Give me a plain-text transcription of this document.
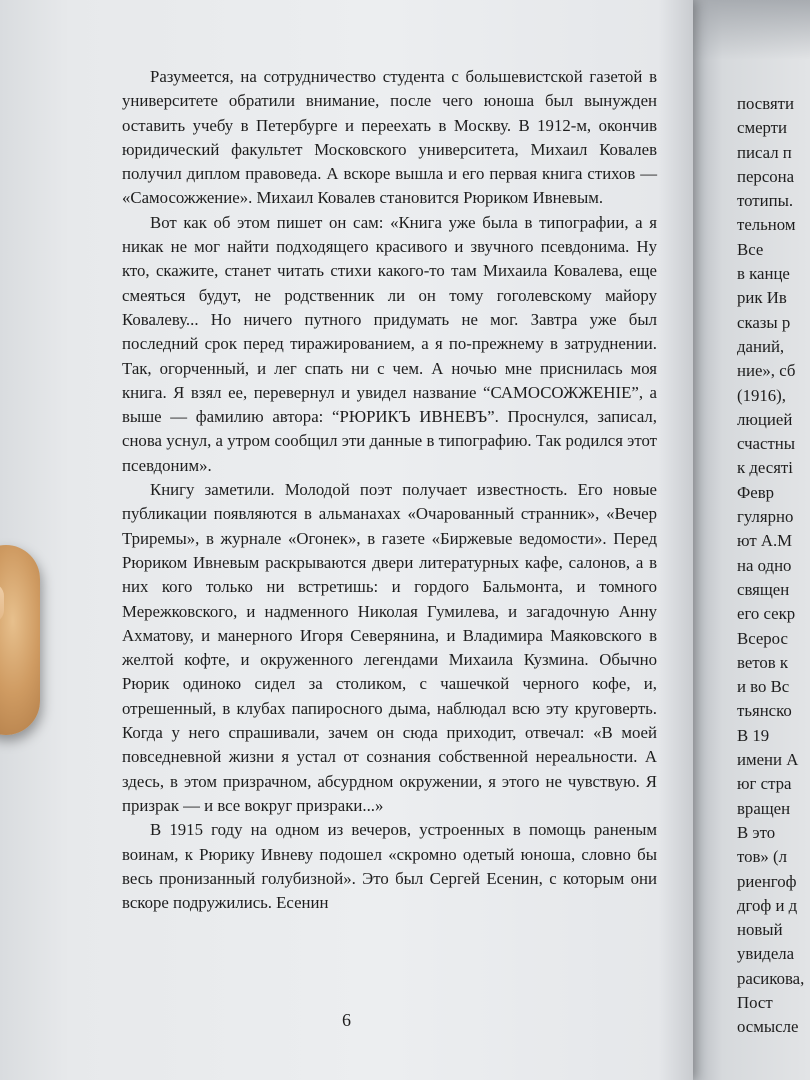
посвяти
смерти
писал п
персона
тотипы.
тельном
Все
в канце
рик Ив
сказы р
даний,
ние», сб
(1916),
люцией
счастны
к десяті
Февр
гулярно
ют А.М
на одно
священ
его секр
Всерос
ветов к
и во Вс
тьянско
В 19
имени А
юг стра
вращен
В это
тов» (л
риенгоф
дгоф и д
новый
увидела
расикова,
Пост
осмысле

Разумеется, на сотрудничество студента с большевистской газетой в университете обратили внимание, после чего юноша был вынужден оставить учебу в Петербурге и переехать в Москву. В 1912-м, окончив юридический факультет Московского университета, Михаил Ковалев получил диплом правоведа. А вскоре вышла и его первая книга стихов — «Самосожжение». Михаил Ковалев становится Рюриком Ивневым.

Вот как об этом пишет он сам: «Книга уже была в типографии, а я никак не мог найти подходящего красивого и звучного псевдонима. Ну кто, скажите, станет читать стихи какого-то там Михаила Ковалева, еще смеяться будут, не родственник ли он тому гоголевскому майору Ковалеву... Но ничего путного придумать не мог. Завтра уже был последний срок перед тиражированием, а я по-прежнему в затруднении. Так, огорченный, и лег спать ни с чем. А ночью мне приснилась моя книга. Я взял ее, перевернул и увидел название “САМОСОЖЖЕНIЕ”, а выше — фамилию автора: “РЮРИКЪ ИВНЕВЪ”. Проснулся, записал, снова уснул, а утром сообщил эти данные в типографию. Так родился этот псевдоним».

Книгу заметили. Молодой поэт получает известность. Его новые публикации появляются в альманахах «Очарованный странник», «Вечер Триремы», в журнале «Огонек», в газете «Биржевые ведомости». Перед Рюриком Ивневым раскрываются двери литературных кафе, салонов, а в них кого только ни встретишь: и гордого Бальмонта, и томного Мережковского, и надменного Николая Гумилева, и загадочную Анну Ахматову, и манерного Игоря Северянина, и Владимира Маяковского в желтой кофте, и окруженного легендами Михаила Кузмина. Обычно Рюрик одиноко сидел за столиком, с чашечкой черного кофе, и, отрешенный, в клубах папиросного дыма, наблюдал всю эту круговерть. Когда у него спрашивали, зачем он сюда приходит, отвечал: «В моей повседневной жизни я устал от сознания собственной нереальности. А здесь, в этом призрачном, абсурдном окружении, я этого не чувствую. Я призрак — и все вокруг призраки...»

В 1915 году на одном из вечеров, устроенных в помощь раненым воинам, к Рюрику Ивневу подошел «скромно одетый юноша, словно бы весь пронизанный голубизной». Это был Сергей Есенин, с которым они вскоре подружились. Есенин

6
